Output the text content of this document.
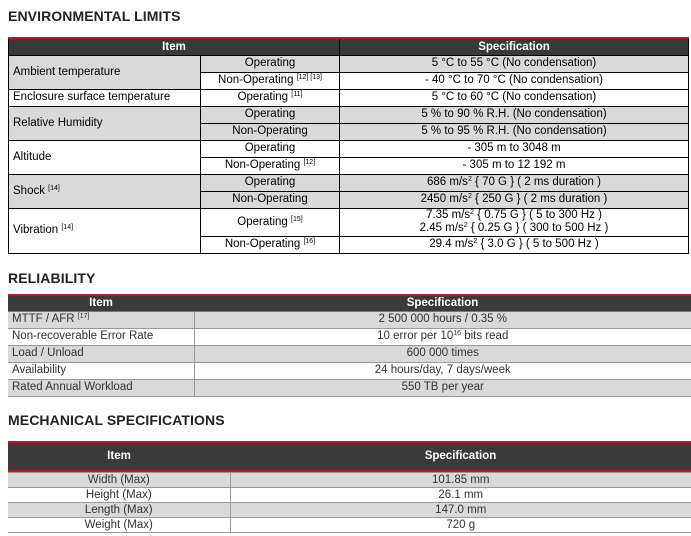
ENVIRONMENTAL LIMITS
Item		Specification
Ambient temperature	Operating	5 °C to 55 °C (No condensation)
	Non-Operating [12] [13]	- 40 °C to 70 °C (No condensation)
Enclosure surface temperature	Operating [11]	5 °C to 60 °C (No condensation)
Relative Humidity	Operating	5 % to 90 % R.H. (No condensation)
	Non-Operating	5 % to 95 % R.H. (No condensation)
Altitude	Operating	- 305 m to 3048 m
	Non-Operating [12]	- 305 m to 12 192 m
Shock [14]	Operating	686 $m/s^2$ { 70 G } ( 2 ms duration )
	Non-Operating	2450 $m/s^2$ { 250 G } ( 2 ms duration )
Vibration [14]	Operating [15]	7.35 $m/s^2$ { 0.75 G } ( 5 to 300 Hz )
2.45 $m/s^2$ { 0.25 G } ( 300 to 500 Hz )

	Non-Operating [16]	29.4 $m/s^2$ { 3.0 G } ( 5 to 500 Hz )
RELIABILITY
Item	Specification
MTTF / AFR [17]	2 500 000 hours / 0.35 %
Non-recoverable Error Rate	10 error per $10^{16}$ bits read
Load / Unload	600 000 times
Availability	24 hours/day, 7 days/week
Rated Annual Workload	550 TB per year
MECHANICAL SPECIFICATIONS
Item	Specification

Width (Max)	101.85 mm
Height (Max)	26.1 mm
Length (Max)	147.0 mm
Weight (Max)	720 g
